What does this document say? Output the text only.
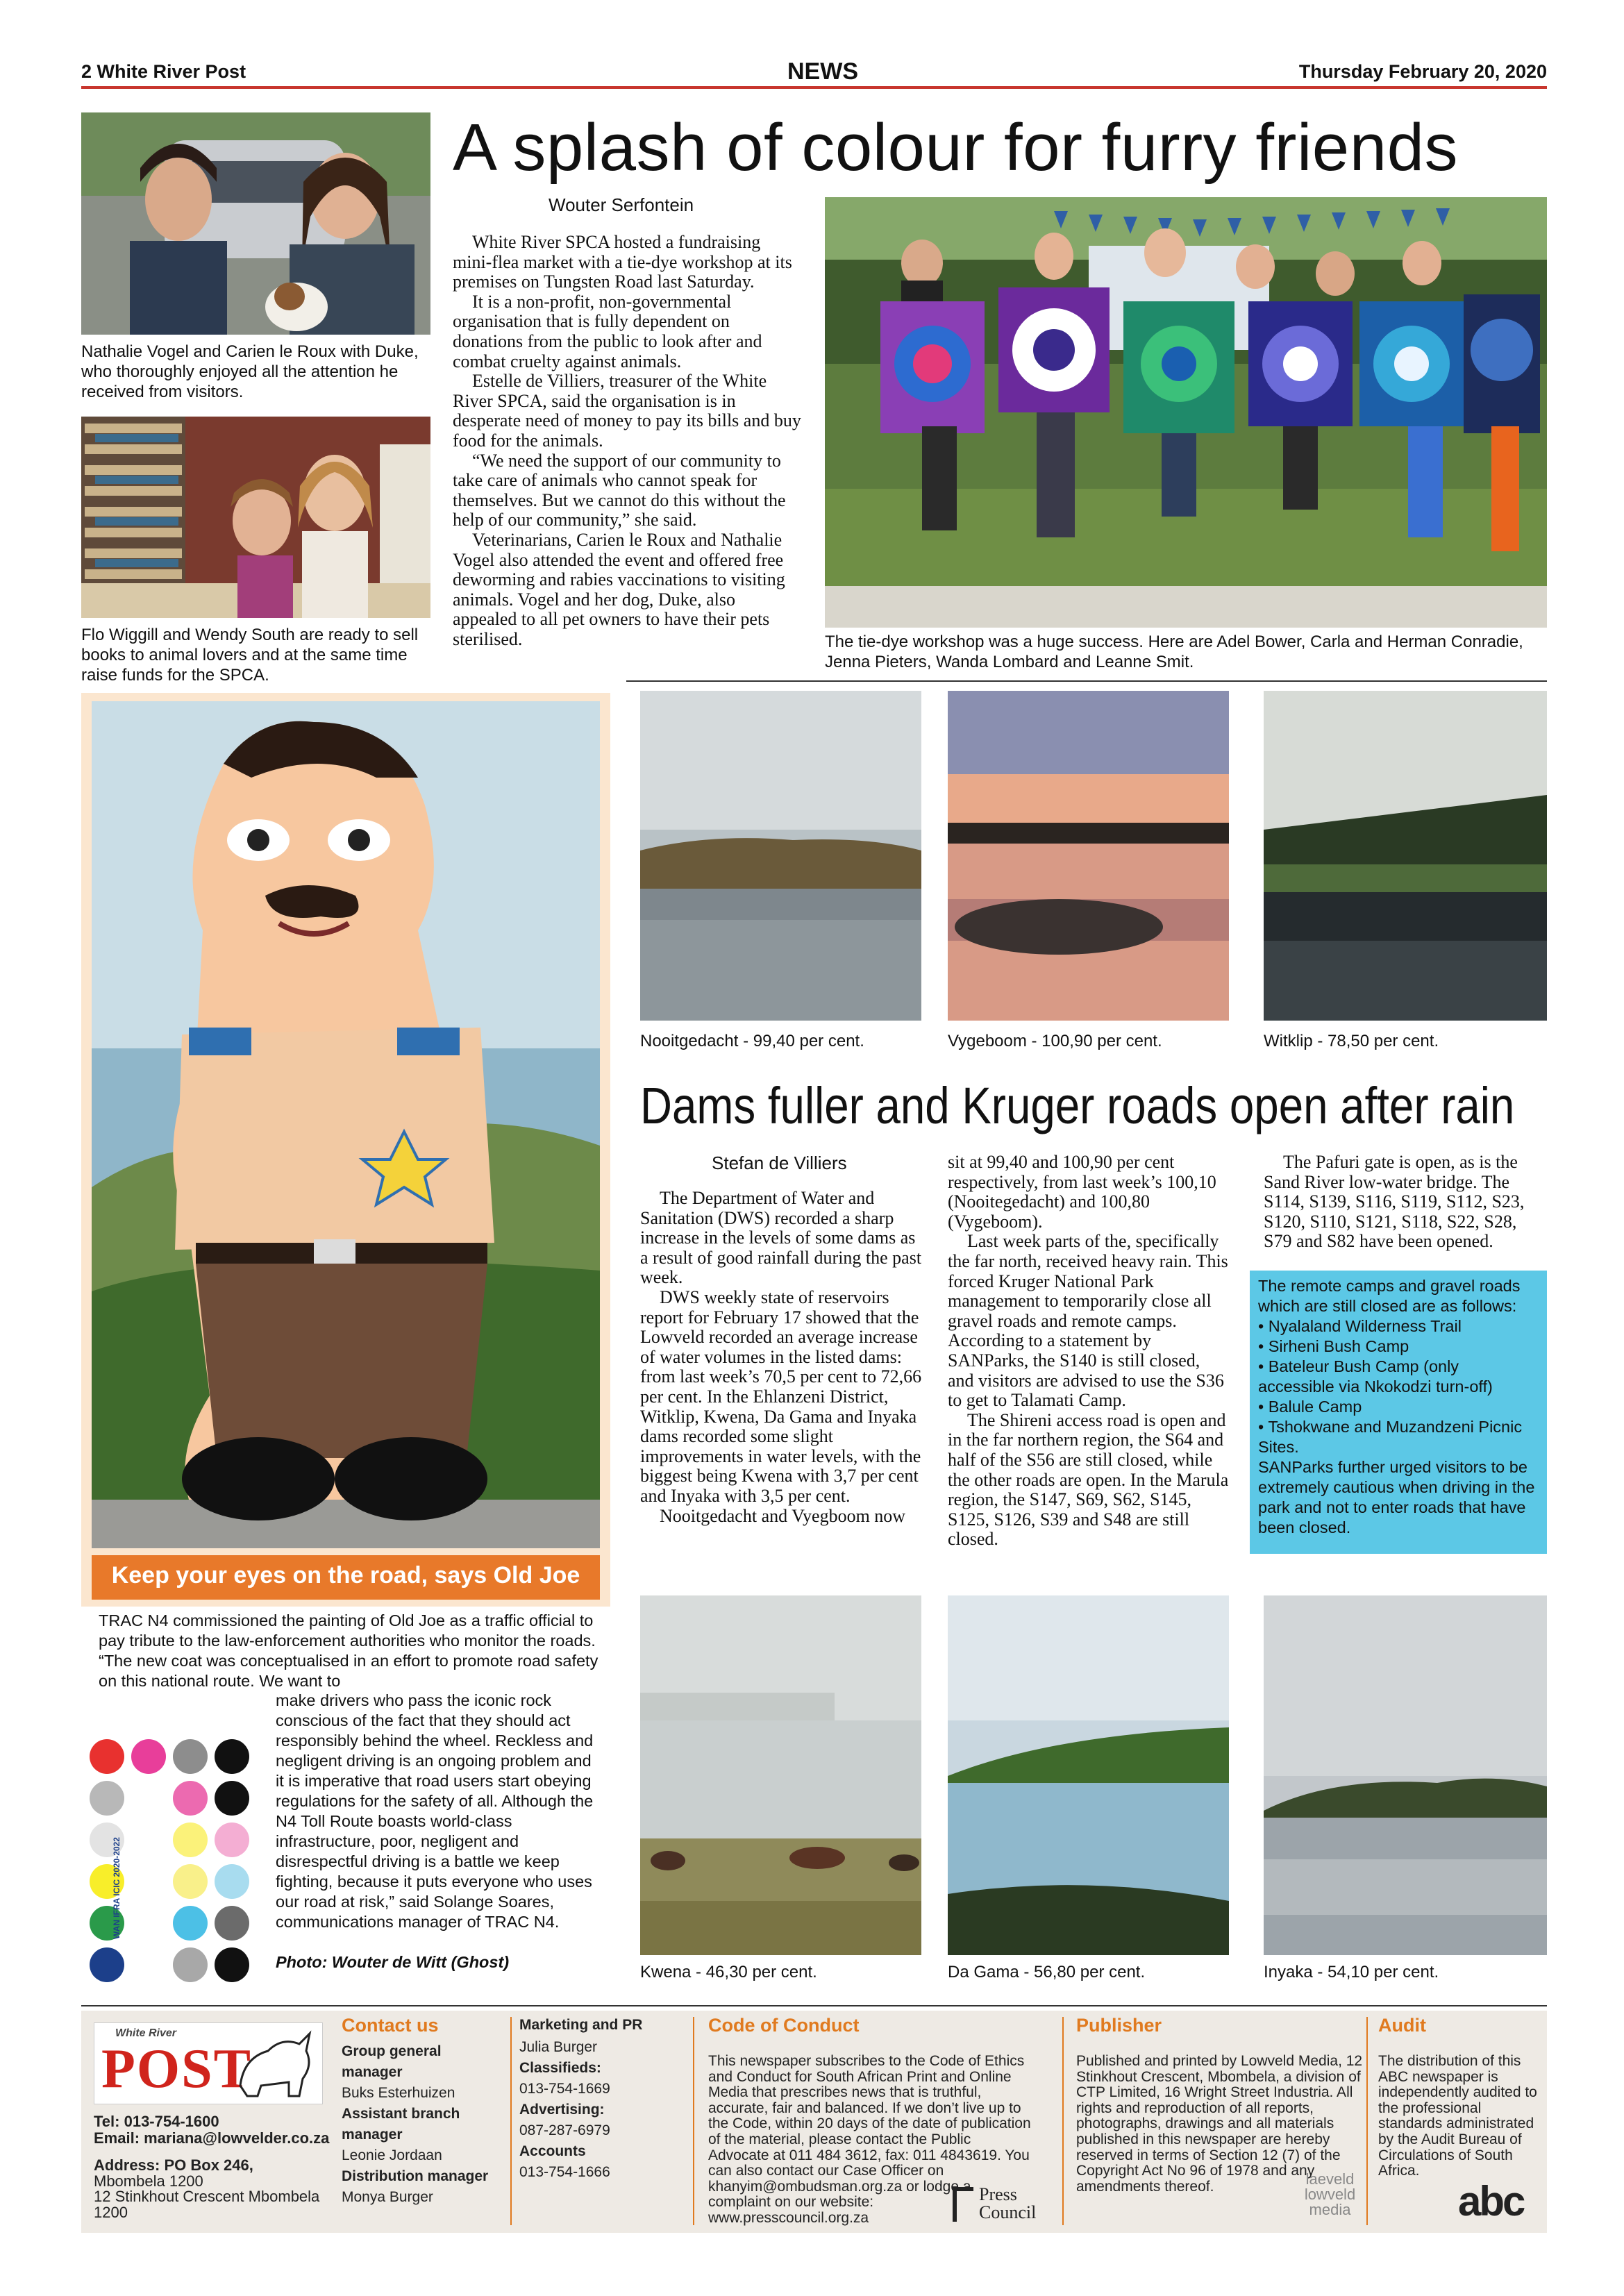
2 White River Post	NEWS	Thursday February 20, 2020
Nathalie Vogel and Carien le Roux with Duke, who thoroughly enjoyed all the attention he received from visitors.
Flo Wiggill and Wendy South are ready to sell books to animal lovers and at the same time raise funds for the SPCA.
A splash of colour for furry friends
Wouter Serfontein

White River SPCA hosted a fundraising mini-flea market with a tie-dye workshop at its premises on Tungsten Road last Saturday.

It is a non-profit, non-governmental organisation that is fully dependent on donations from the public to look after and combat cruelty against animals.

Estelle de Villiers, treasurer of the White River SPCA, said the organisation is in desperate need of money to pay its bills and buy food for the animals.

“We need the support of our community to take care of animals who cannot speak for themselves. But we cannot do this without the help of our community,” she said.

Veterinarians, Carien le Roux and Nathalie Vogel also attended the event and offered free deworming and rabies vaccinations to visiting animals. Vogel and her dog, Duke, also appealed to all pet owners to have their pets sterilised.	The tie-dye workshop was a huge success. Here are Adel Bower, Carla and Herman Conradie, Jenna Pieters, Wanda Lombard and Leanne Smit.
Keep your eyes on the road, says Old Joe
TRAC N4 commissioned the painting of Old Joe as a traffic official to pay tribute to the law-enforcement authorities who monitor the roads. “The new coat was conceptualised in an effort to promote road safety on this national route. We want to
WAN IFRA ICIC 2020-2022
make drivers who pass the iconic rock conscious of the fact that they should act responsibly behind the wheel. Reckless and negligent driving is an ongoing problem and it is imperative that road users start obeying regulations for the safety of all. Although the N4 Toll Route boasts world-class infrastructure, poor, negligent and disrespectful driving is a battle we keep fighting, because it puts everyone who uses our road at risk,” said Solange Soares, communications manager of TRAC N4.
Photo: Wouter de Witt (Ghost)
Nooitgedacht - 99,40 per cent.	Vygeboom - 100,90 per cent.	Witklip - 78,50 per cent.
Dams fuller and Kruger roads open after rain
Stefan de Villiers

The Department of Water and Sanitation (DWS) recorded a sharp increase in the levels of some dams as a result of good rainfall during the past week.

DWS weekly state of reservoirs report for February 17 showed that the Lowveld recorded an average increase of water volumes in the listed dams: from last week’s 70,5 per cent to 72,66 per cent. In the Ehlanzeni District, Witklip, Kwena, Da Gama and Inyaka dams recorded some slight improvements in water levels, with the biggest being Kwena with 3,7 per cent and Inyaka with 3,5 per cent.

Nooitgedacht and Vyegboom now

sit at 99,40 and 100,90 per cent respectively, from last week’s 100,10 (Nooitegedacht) and 100,80 (Vygeboom).

Last week parts of the, specifically the far north, received heavy rain. This forced Kruger National Park management to temporarily close all gravel roads and remote camps. According to a statement by SANParks, the S140 is still closed, and visitors are advised to use the S36 to get to Talamati Camp.

The Shireni access road is open and in the far northern region, the S64 and half of the S56 are still closed, while the other roads are open. In the Marula region, the S147, S69, S62, S145, S125, S126, S39 and S48 are still closed.

The Pafuri gate is open, as is the Sand River low-water bridge. The S114, S139, S116, S119, S112, S23, S120, S110, S121, S118, S22, S28, S79 and S82 have been opened.

The remote camps and gravel roads which are still closed are as follows:
• Nyalaland Wilderness Trail
• Sirheni Bush Camp
• Bateleur Bush Camp (only accessible via Nkokodzi turn-off)
• Balule Camp
• Tshokwane and Muzandzeni Picnic Sites.
SANParks further urged visitors to be extremely cautious when driving in the park and not to enter roads that have been closed.
Kwena - 46,30 per cent.	Da Gama - 56,80 per cent.	Inyaka - 54,10 per cent.
White River
POST
Tel: 013-754-1600
Email: mariana@lowvelder.co.za
Address: PO Box 246,
Mbombela 1200
12 Stinkhout Crescent Mbombela
1200
Contact us
Group general manager
Buks Esterhuizen
Assistant branch manager
Leonie Jordaan
Distribution manager
Monya Burger
Marketing and PR
Julia Burger
Classifieds:
013-754-1669
Advertising:
087-287-6979
Accounts
013-754-1666
Code of Conduct
This newspaper subscribes to the Code of Ethics and Conduct for South African Print and Online Media that prescribes news that is truthful, accurate, fair and balanced. If we don’t live up to the Code, within 20 days of the date of publication of the material, please contact the Public Advocate at 011 484 3612, fax: 011 4843619. You can also contact our Case Officer on khanyim@ombudsman.org.za or lodge a complaint on our website: www.presscouncil.org.za
Press Council
Publisher
Published and printed by Lowveld Media, 12 Stinkhout Crescent, Mbombela, a division of CTP Limited, 16 Wright Street Industria. All rights and reproduction of all reports, photographs, drawings and all materials published in this newspaper are hereby reserved in terms of Section 12 (7) of the Copyright Act No 96 of 1978 and any amendments thereof.	laeveld lowveld media
Audit
The distribution of this ABC newspaper is independently audited to the professional standards administrated by the Audit Bureau of Circulations of South Africa.
abc
